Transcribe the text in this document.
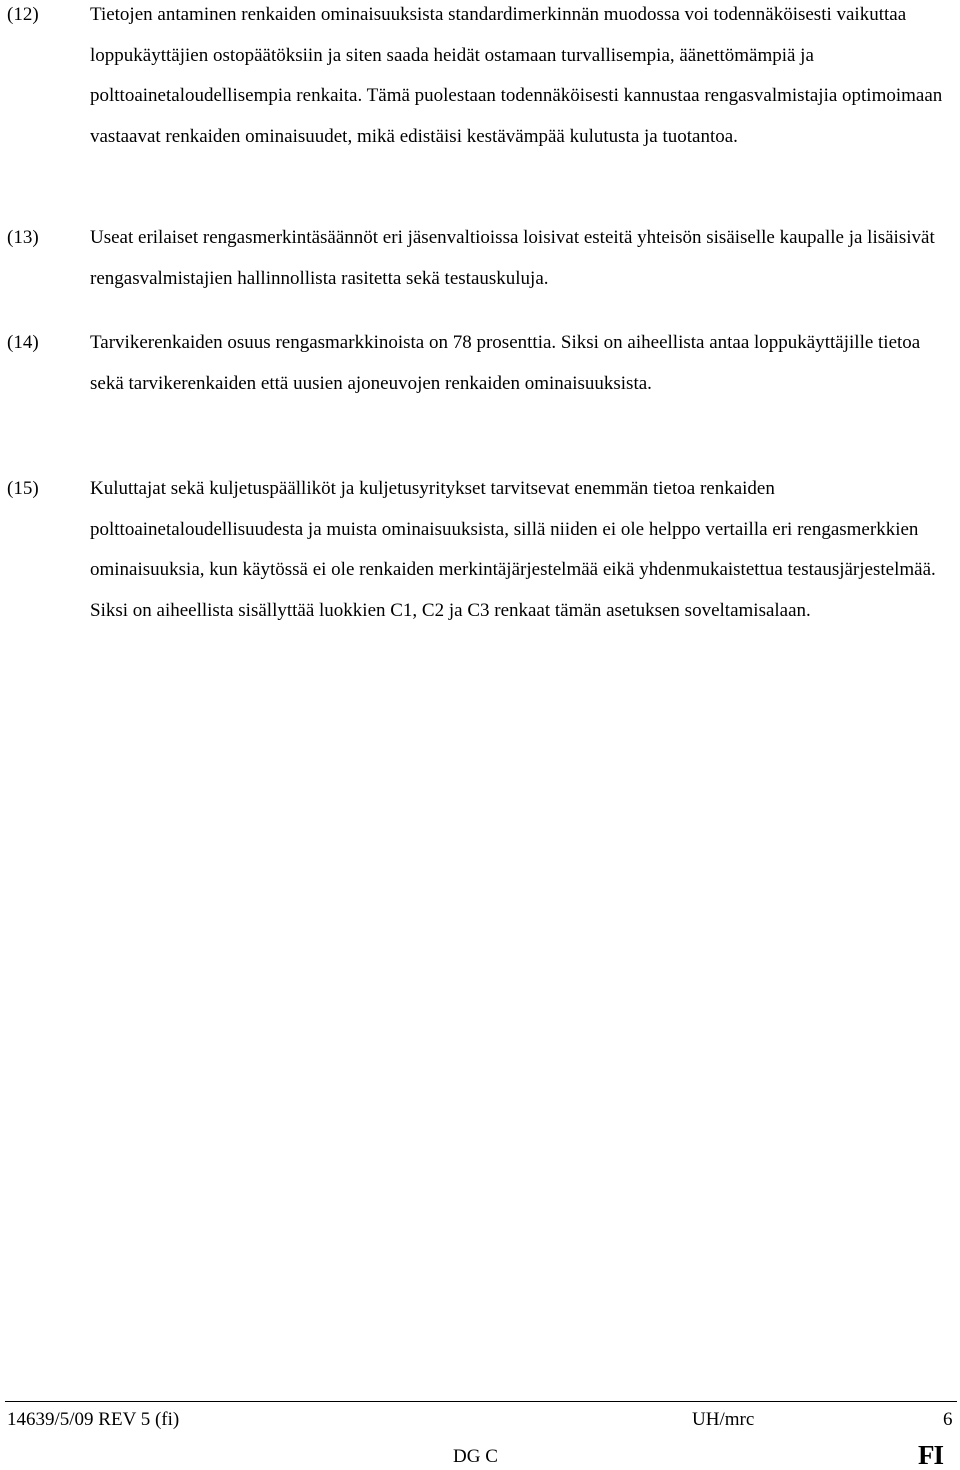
(12)	Tietojen antaminen renkaiden ominaisuuksista standardimerkinnän muodossa voi todennäköisesti vaikuttaa loppukäyttäjien ostopäätöksiin ja siten saada heidät ostamaan turvallisempia, äänettömämpiä ja polttoainetaloudellisempia renkaita. Tämä puolestaan todennäköisesti kannustaa rengasvalmistajia optimoimaan vastaavat renkaiden ominaisuudet, mikä edistäisi kestävämpää kulutusta ja tuotantoa.
(13)	Useat erilaiset rengasmerkintäsäännöt eri jäsenvaltioissa loisivat esteitä yhteisön sisäiselle kaupalle ja lisäisivät rengasvalmistajien hallinnollista rasitetta sekä testauskuluja.
(14)	Tarvikerenkaiden osuus rengasmarkkinoista on 78 prosenttia. Siksi on aiheellista antaa loppukäyttäjille tietoa sekä tarvikerenkaiden että uusien ajoneuvojen renkaiden ominaisuuksista.
(15)	Kuluttajat sekä kuljetuspäälliköt ja kuljetusyritykset tarvitsevat enemmän tietoa renkaiden polttoainetaloudellisuudesta ja muista ominaisuuksista, sillä niiden ei ole helppo vertailla eri rengasmerkkien ominaisuuksia, kun käytössä ei ole renkaiden merkintäjärjestelmää eikä yhdenmukaistettua testausjärjestelmää. Siksi on aiheellista sisällyttää luokkien C1, C2 ja C3 renkaat tämän asetuksen soveltamisalaan.
14639/5/09 REV 5 (fi)	UH/mrc	6
DG C	FI
